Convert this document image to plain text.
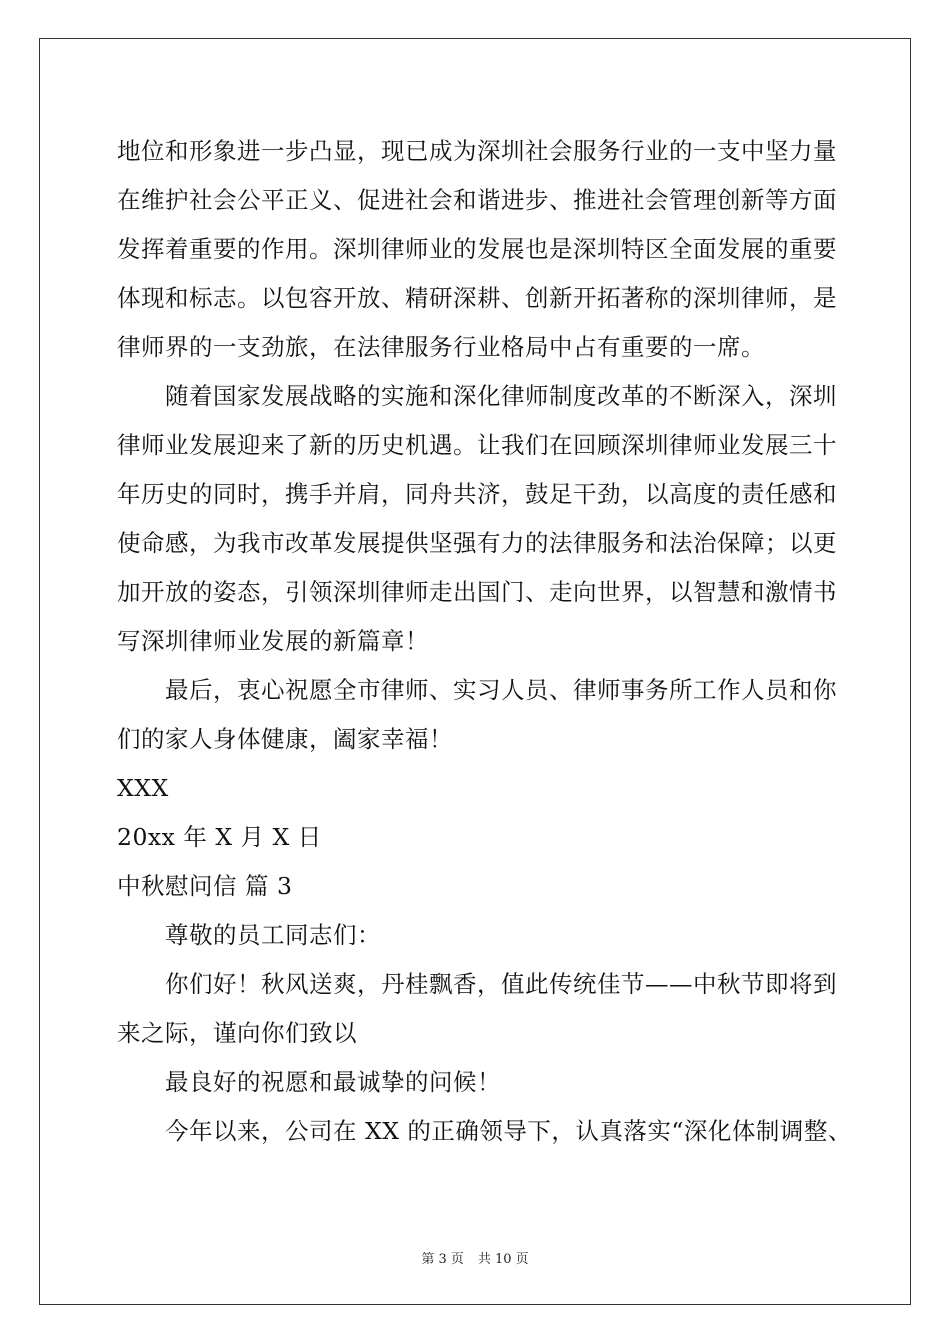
地位和形象进一步凸显，现已成为深圳社会服务行业的一支中坚力量
在维护社会公平正义、促进社会和谐进步、推进社会管理创新等方面
发挥着重要的作用。深圳律师业的发展也是深圳特区全面发展的重要
体现和标志。以包容开放、精研深耕、创新开拓著称的深圳律师，是
律师界的一支劲旅，在法律服务行业格局中占有重要的一席。
随着国家发展战略的实施和深化律师制度改革的不断深入，深圳
律师业发展迎来了新的历史机遇。让我们在回顾深圳律师业发展三十
年历史的同时，携手并肩，同舟共济，鼓足干劲，以高度的责任感和
使命感，为我市改革发展提供坚强有力的法律服务和法治保障；以更
加开放的姿态，引领深圳律师走出国门、走向世界，以智慧和激情书
写深圳律师业发展的新篇章！
最后，衷心祝愿全市律师、实习人员、律师事务所工作人员和你
们的家人身体健康，阖家幸福！
XXX
20xx 年 X 月 X 日
中秋慰问信 篇 3
尊敬的员工同志们：
你们好！秋风送爽，丹桂飘香，值此传统佳节——中秋节即将到
来之际，谨向你们致以
最良好的祝愿和最诚挚的问候！
今年以来，公司在 XX 的正确领导下，认真落实“深化体制调整、
第 3 页 共 10 页
